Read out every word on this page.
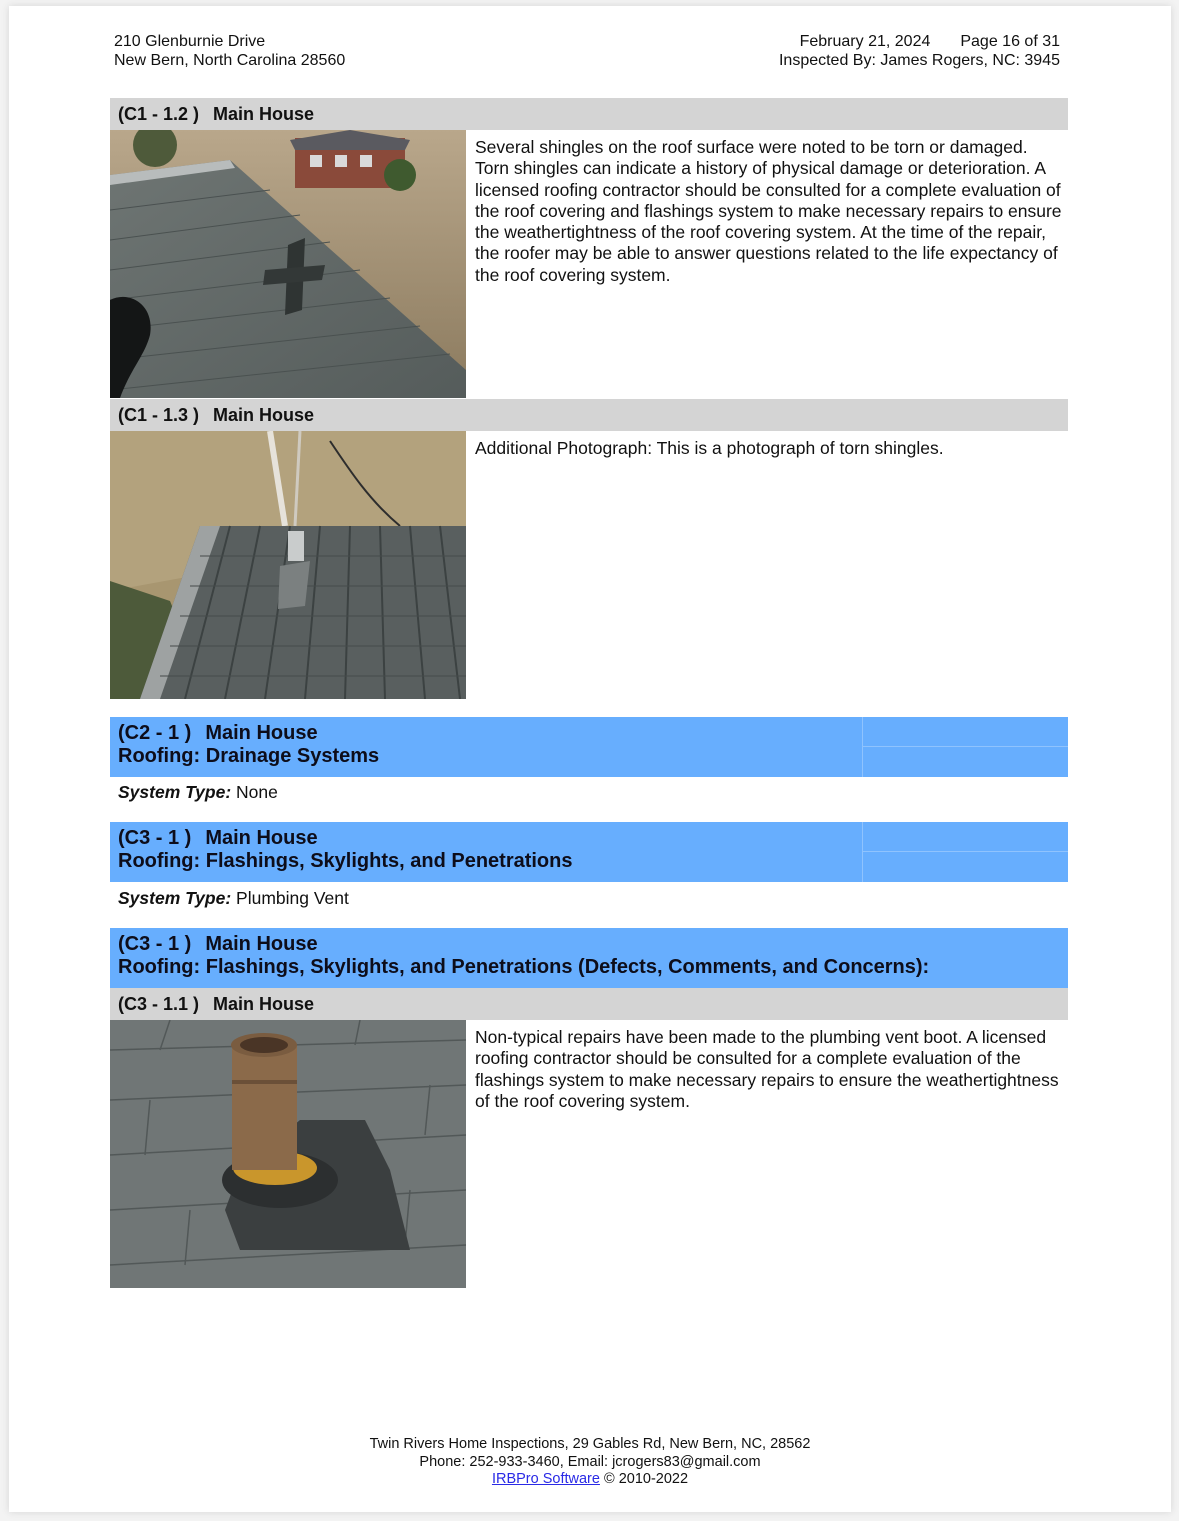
210 Glenburnie Drive
New Bern, North Carolina 28560
February 21, 2024 Page 16 of 31
Inspected By: James Rogers, NC: 3945
(C1 - 1.2 ) Main House
Several shingles on the roof surface were noted to be torn or damaged. Torn shingles can indicate a history of physical damage or deterioration. A licensed roofing contractor should be consulted for a complete evaluation of the roof covering and flashings system to make necessary repairs to ensure the weathertightness of the roof covering system. At the time of the repair, the roofer may be able to answer questions related to the life expectancy of the roof covering system.
(C1 - 1.3 ) Main House
Additional Photograph: This is a photograph of torn shingles.
(C2 - 1 ) Main House
Roofing: Drainage Systems
System Type: None
(C3 - 1 ) Main House
Roofing: Flashings, Skylights, and Penetrations
System Type: Plumbing Vent
(C3 - 1 ) Main House
Roofing: Flashings, Skylights, and Penetrations (Defects, Comments, and Concerns):
(C3 - 1.1 ) Main House
Non-typical repairs have been made to the plumbing vent boot. A licensed roofing contractor should be consulted for a complete evaluation of the flashings system to make necessary repairs to ensure the weathertightness of the roof covering system.
Twin Rivers Home Inspections, 29 Gables Rd, New Bern, NC, 28562
Phone: 252-933-3460, Email: jcrogers83@gmail.com
IRBPro Software © 2010-2022
